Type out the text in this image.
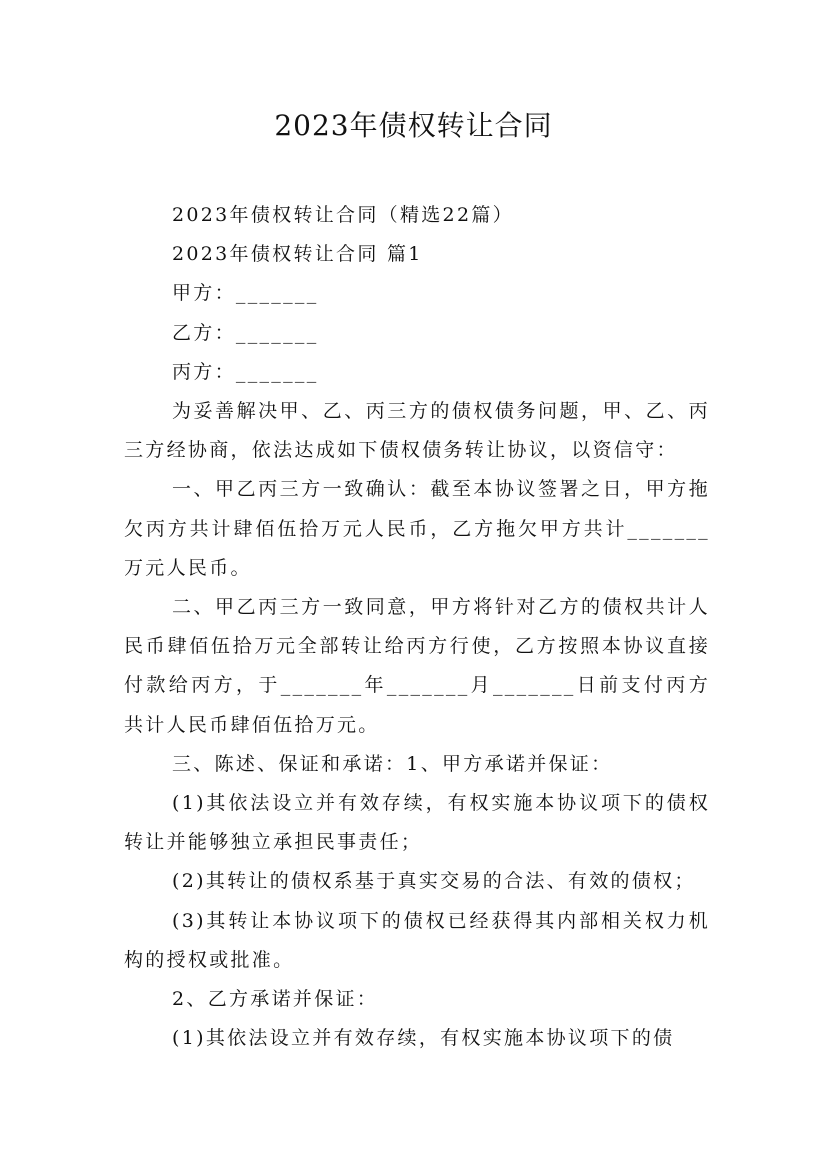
2023年债权转让合同

2023年债权转让合同（精选22篇）

2023年债权转让合同 篇1

甲方：_______

乙方：_______

丙方：_______

为妥善解决甲、乙、丙三方的债权债务问题，甲、乙、丙三方经协商，依法达成如下债权债务转让协议，以资信守：

一、甲乙丙三方一致确认：截至本协议签署之日，甲方拖欠丙方共计肆佰伍拾万元人民币，乙方拖欠甲方共计_______万元人民币。

二、甲乙丙三方一致同意，甲方将针对乙方的债权共计人民币肆佰伍拾万元全部转让给丙方行使，乙方按照本协议直接付款给丙方，于_______年_______月_______日前支付丙方共计人民币肆佰伍拾万元。

三、陈述、保证和承诺：1、甲方承诺并保证：

(1)其依法设立并有效存续，有权实施本协议项下的债权转让并能够独立承担民事责任；

(2)其转让的债权系基于真实交易的合法、有效的债权；

(3)其转让本协议项下的债权已经获得其内部相关权力机构的授权或批准。

2、乙方承诺并保证：

(1)其依法设立并有效存续，有权实施本协议项下的债
